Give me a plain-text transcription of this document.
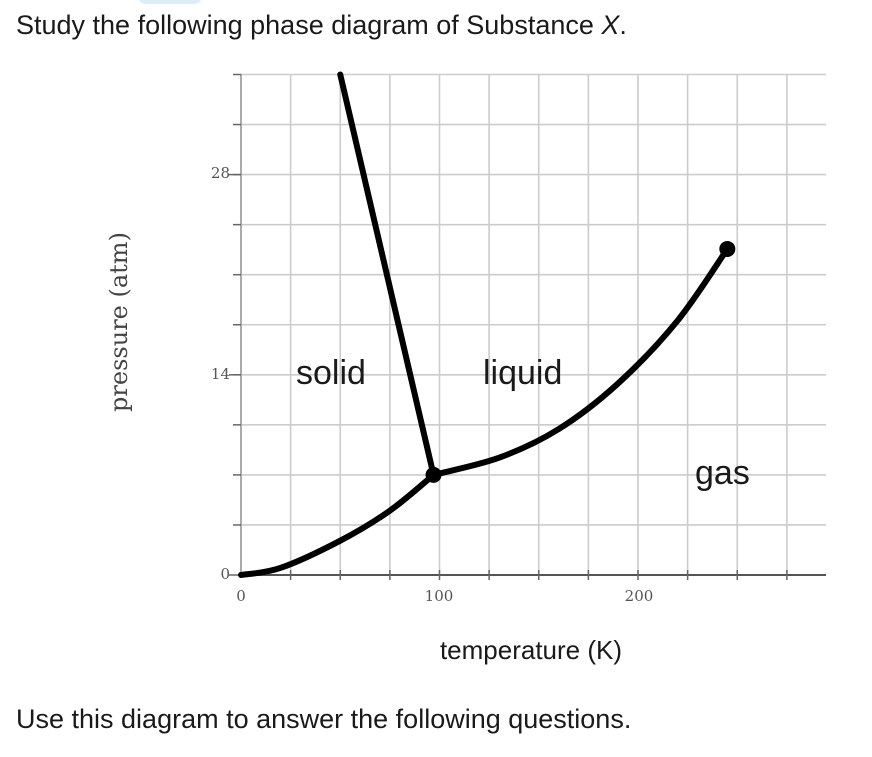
Study the following phase diagram of Substance X.
28
14
0
0	100	200
pressure (atm)
temperature (K)
solid	liquid
gas

Use this diagram to answer the following questions.
